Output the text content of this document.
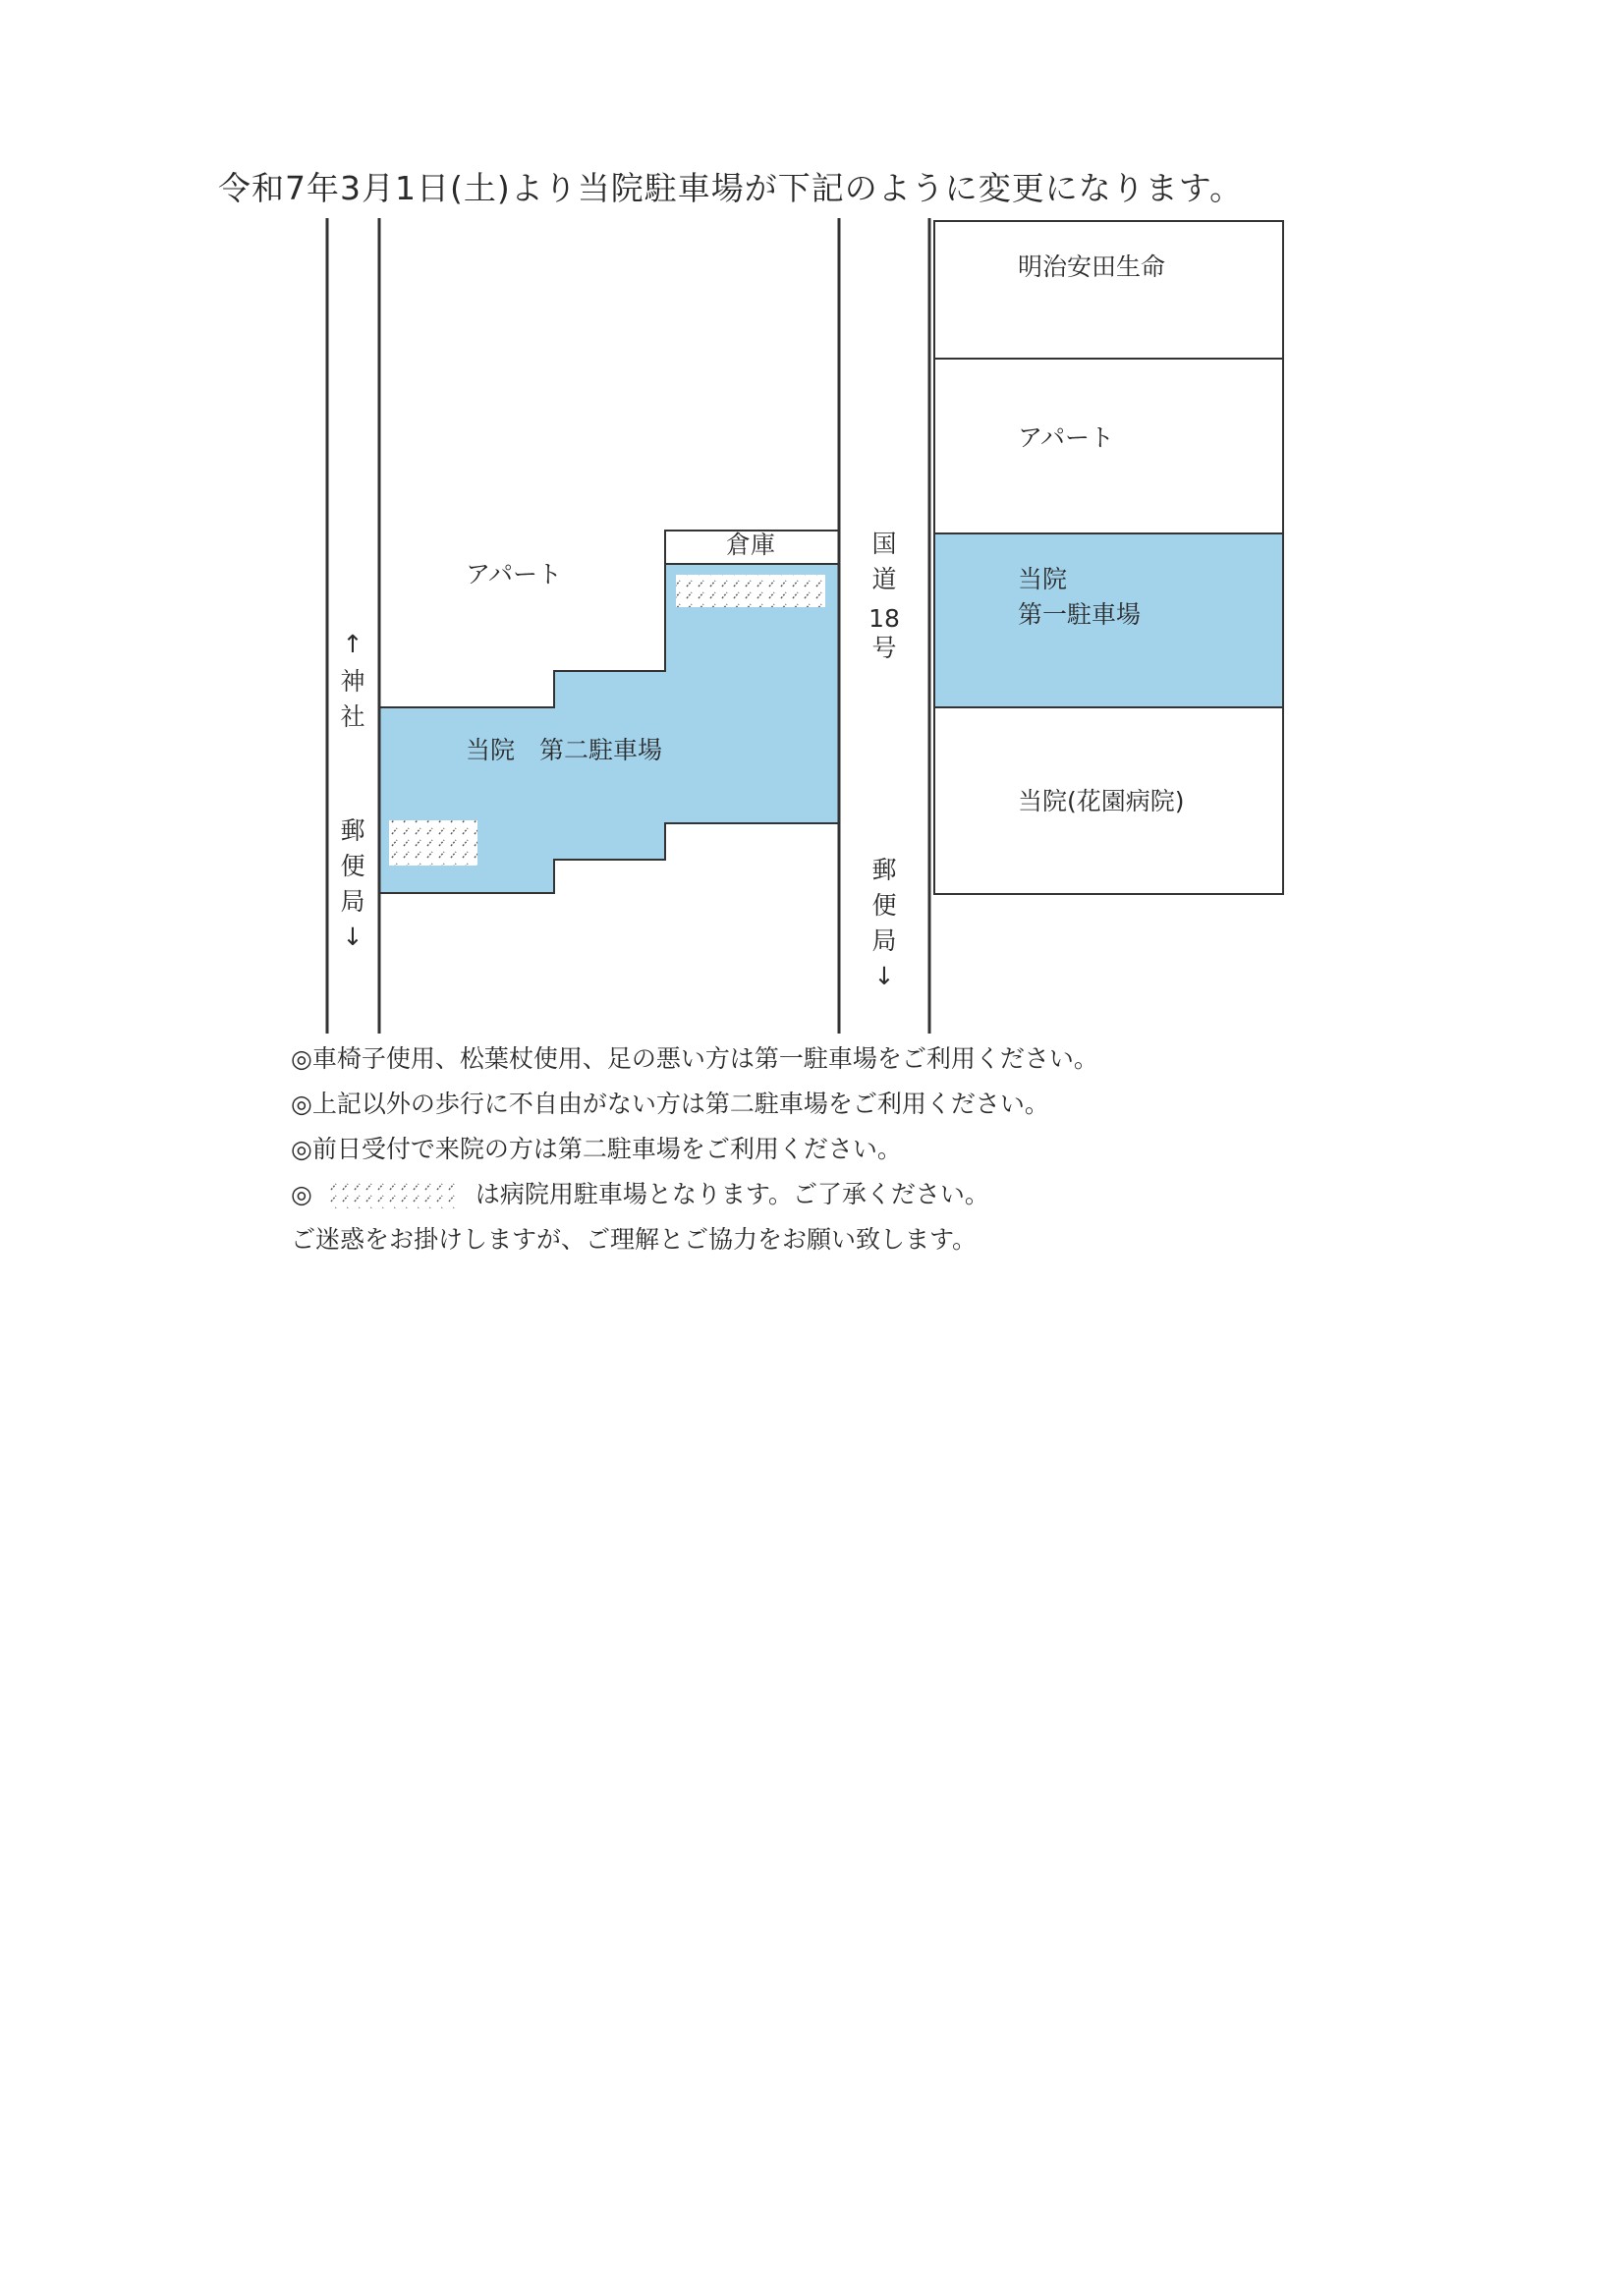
令和7年3月1日(土)より当院駐車場が下記のように変更になります。
明治安田生命
アパート
当院
第一駐車場
当院(花園病院)
倉庫
アパート
当院　第二駐車場
↑
神
社
郵
便
局
↓
国
道
18
号
郵
便
局
↓
◎車椅子使用、松葉杖使用、足の悪い方は第一駐車場をご利用ください。
◎上記以外の歩行に不自由がない方は第二駐車場をご利用ください。
◎前日受付で来院の方は第二駐車場をご利用ください。
◎	は病院用駐車場となります。ご了承ください。
ご迷惑をお掛けしますが、ご理解とご協力をお願い致します。
